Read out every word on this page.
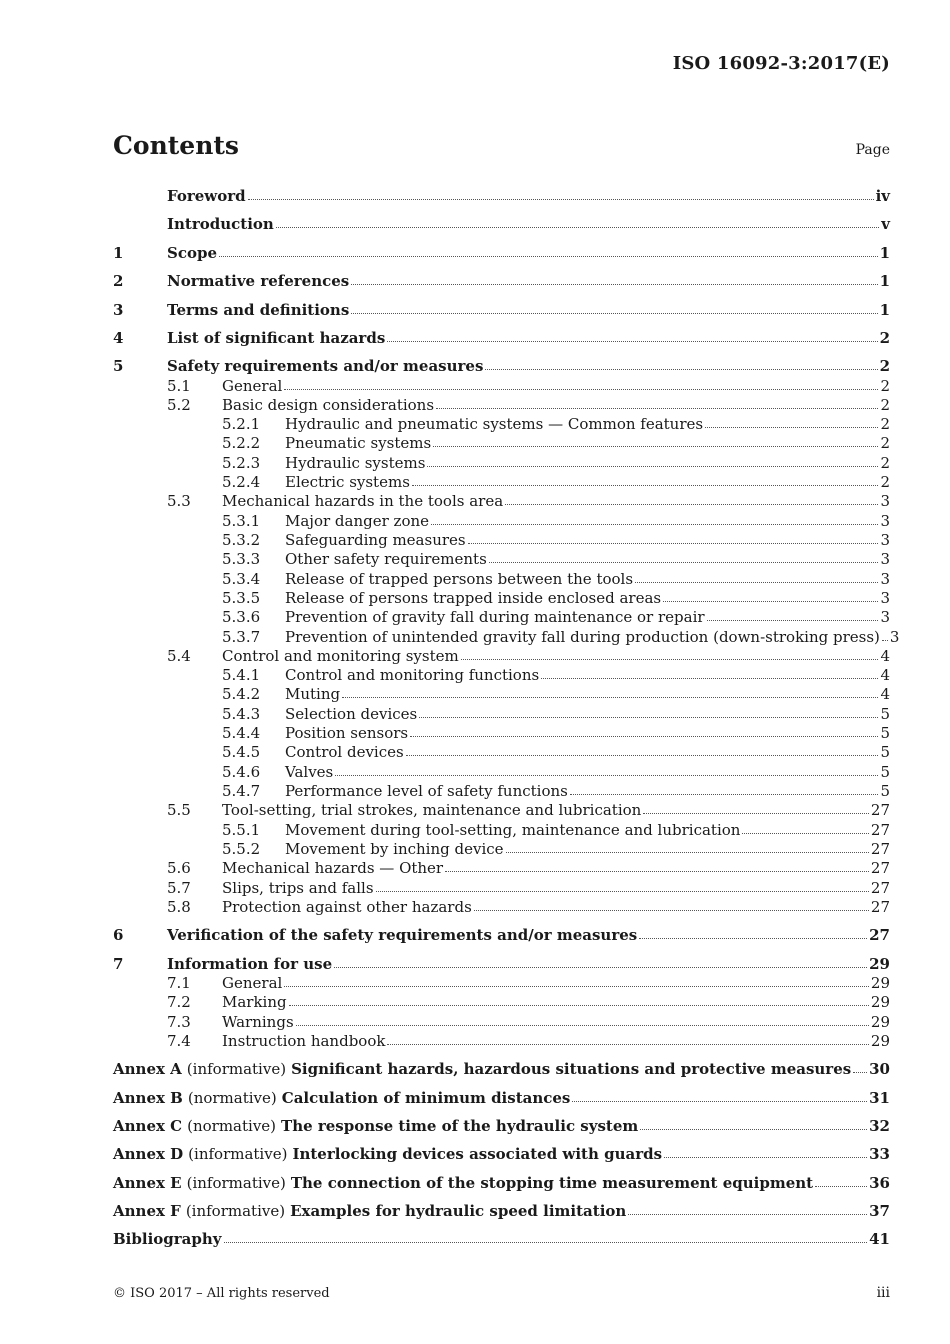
ISO 16092-3:2017(E)
Contents	Page
Foreword	iv
Introduction	v
1	Scope	1
2	Normative references	1
3	Terms and definitions	1
4	List of significant hazards	2
5	Safety requirements and/or measures	2
5.1	General	2
5.2	Basic design considerations	2
5.2.1	Hydraulic and pneumatic systems — Common features	2
5.2.2	Pneumatic systems	2
5.2.3	Hydraulic systems	2
5.2.4	Electric systems	2
5.3	Mechanical hazards in the tools area	3
5.3.1	Major danger zone	3
5.3.2	Safeguarding measures	3
5.3.3	Other safety requirements	3
5.3.4	Release of trapped persons between the tools	3
5.3.5	Release of persons trapped inside enclosed areas	3
5.3.6	Prevention of gravity fall during maintenance or repair	3
5.3.7	Prevention of unintended gravity fall during production (down-stroking press) 3
5.4	Control and monitoring system	4
5.4.1	Control and monitoring functions	4
5.4.2	Muting	4
5.4.3	Selection devices	5
5.4.4	Position sensors	5
5.4.5	Control devices	5
5.4.6	Valves	5
5.4.7	Performance level of safety functions	5
5.5	Tool-setting, trial strokes, maintenance and lubrication	27
5.5.1	Movement during tool-setting, maintenance and lubrication	27
5.5.2	Movement by inching device	27
5.6	Mechanical hazards — Other	27
5.7	Slips, trips and falls	27
5.8	Protection against other hazards	27
6	Verification of the safety requirements and/or measures	27
7	Information for use	29
7.1	General	29
7.2	Marking	29
7.3	Warnings	29
7.4	Instruction handbook	29
Annex A (informative) Significant hazards, hazardous situations and protective measures 30
Annex B (normative) Calculation of minimum distances	31
Annex C (normative) The response time of the hydraulic system	32
Annex D (informative) Interlocking devices associated with guards	33
Annex E (informative) The connection of the stopping time measurement equipment	36
Annex F (informative) Examples for hydraulic speed limitation	37
Bibliography	41
© ISO 2017 – All rights reserved	iii
